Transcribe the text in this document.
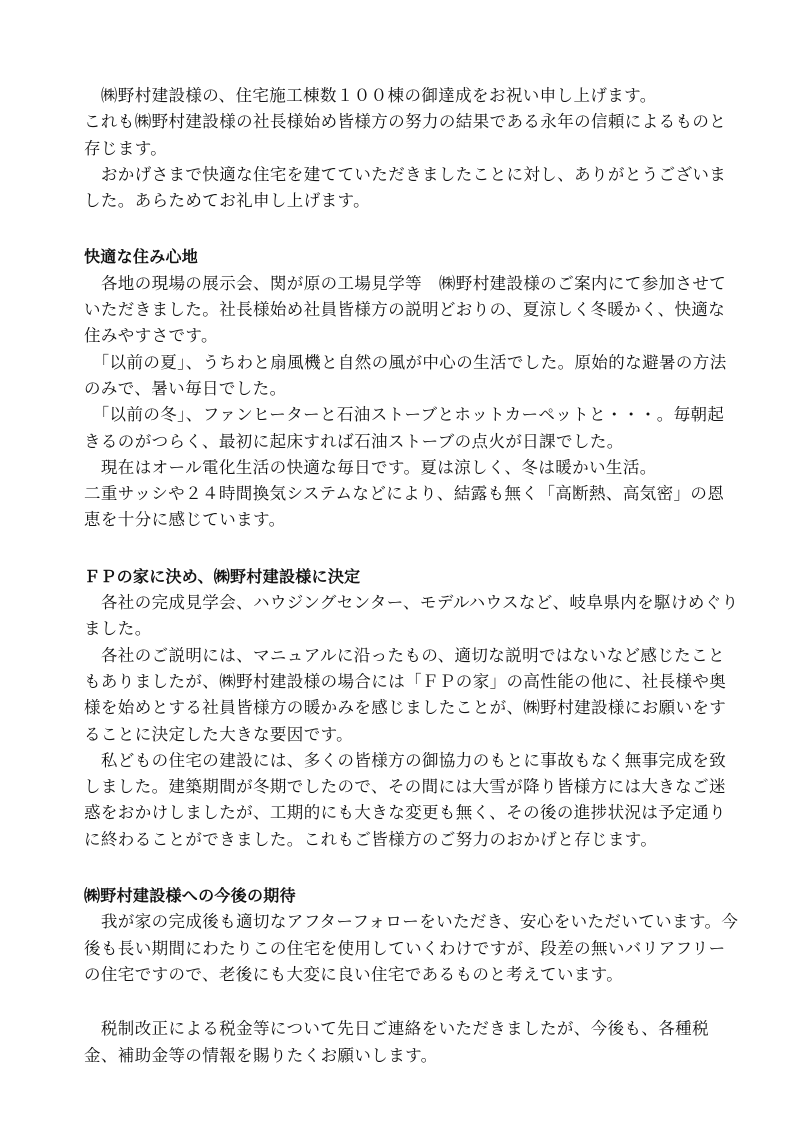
　㈱野村建設様の、住宅施工棟数１００棟の御達成をお祝い申し上げます。

これも㈱野村建設様の社長様始め皆様方の努力の結果である永年の信頼によるものと存じます。

　おかげさまで快適な住宅を建てていただきましたことに対し、ありがとうございました。あらためてお礼申し上げます。

快適な住み心地

　各地の現場の展示会、関が原の工場見学等　㈱野村建設様のご案内にて参加させていただきました。社長様始め社員皆様方の説明どおりの、夏涼しく冬暖かく、快適な住みやすさです。

　「以前の夏」、うちわと扇風機と自然の風が中心の生活でした。原始的な避暑の方法のみで、暑い毎日でした。

　「以前の冬」、ファンヒーターと石油ストーブとホットカーペットと・・・。毎朝起きるのがつらく、最初に起床すれば石油ストーブの点火が日課でした。

　現在はオール電化生活の快適な毎日です。夏は涼しく、冬は暖かい生活。

二重サッシや２４時間換気システムなどにより、結露も無く「高断熱、高気密」の恩恵を十分に感じています。

ＦＰの家に決め、㈱野村建設様に決定

　各社の完成見学会、ハウジングセンター、モデルハウスなど、岐阜県内を駆けめぐりました。

　各社のご説明には、マニュアルに沿ったもの、適切な説明ではないなど感じたこともありましたが、㈱野村建設様の場合には「ＦＰの家」の高性能の他に、社長様や奥様を始めとする社員皆様方の暖かみを感じましたことが、㈱野村建設様にお願いをすることに決定した大きな要因です。

　私どもの住宅の建設には、多くの皆様方の御協力のもとに事故もなく無事完成を致しました。建築期間が冬期でしたので、その間には大雪が降り皆様方には大きなご迷惑をおかけしましたが、工期的にも大きな変更も無く、その後の進捗状況は予定通りに終わることができました。これもご皆様方のご努力のおかげと存じます。

㈱野村建設様への今後の期待

　我が家の完成後も適切なアフターフォローをいただき、安心をいただいています。今後も長い期間にわたりこの住宅を使用していくわけですが、段差の無いバリアフリーの住宅ですので、老後にも大変に良い住宅であるものと考えています。

　税制改正による税金等について先日ご連絡をいただきましたが、今後も、各種税金、補助金等の情報を賜りたくお願いします。
